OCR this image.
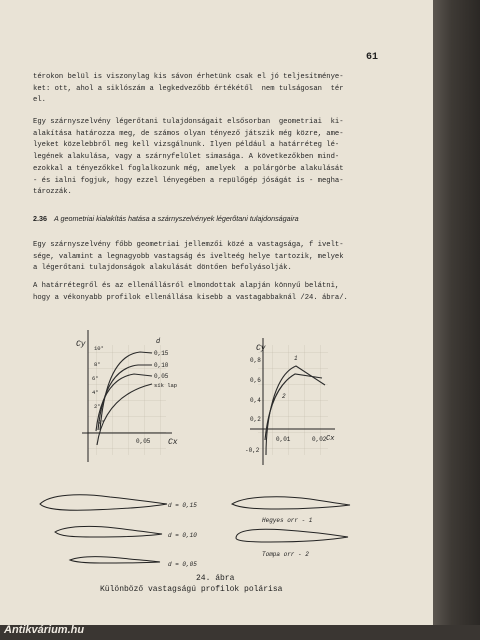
61

térokon belül is viszonylag kis sávon érhetünk csak el jó teljesítménye-
ket: ott, ahol a siklószám a legkedvezőbb értékétől  nem tulságosan  tér
el.

Egy szárnyszelvény légerőtani tulajdonságait elsősorban  geometriai  ki-
alakítása határozza meg, de számos olyan tényező játszik még közre, ame-
lyeket közelebbről meg kell vizsgálnunk. Ilyen például a határréteg lé-
legének alakulása, vagy a szárnyfelület simasága. A következőkben mind-
ezokkal a tényezőkkel foglalkozunk még, amelyek  a polárgörbe alakulását
- és ialni fogjuk, hogy ezzel lényegében a repülőgép jóságát is - megha-
tározzák.

2.36 A geometriai kialakítás hatása a szárnyszelvények légerőtani tulajdonságaira

Egy szárnyszelvény főbb geometriai jellemzői közé a vastagsága, f ivelt-
sége, valamint a legnagyobb vastagság és ivelteég helye tartozik, melyek
a légerőtani tulajdonságok alakulását döntően befolyásolják.

A határrétegről és az ellenállásról elmondottak alapján könnyű belátni,
hogy a vékonyabb profilok ellenállása kisebb a vastagabbaknál /24. ábra/.

Cy
Cx
0,05
d
0,15
0,10
0,05
sík lap
10°
8°
6°
4°
2°
0°
Cy
Cx
0,8
0,6
0,4
0,2
-0,2
0,01	0,02
1
2
d = 0,15
d = 0,10
d = 0,05
Hegyes orr - 1
Tompa orr - 2
24. ábra
Különböző vastagságú profilok polárisa
Antikvárium.hu
